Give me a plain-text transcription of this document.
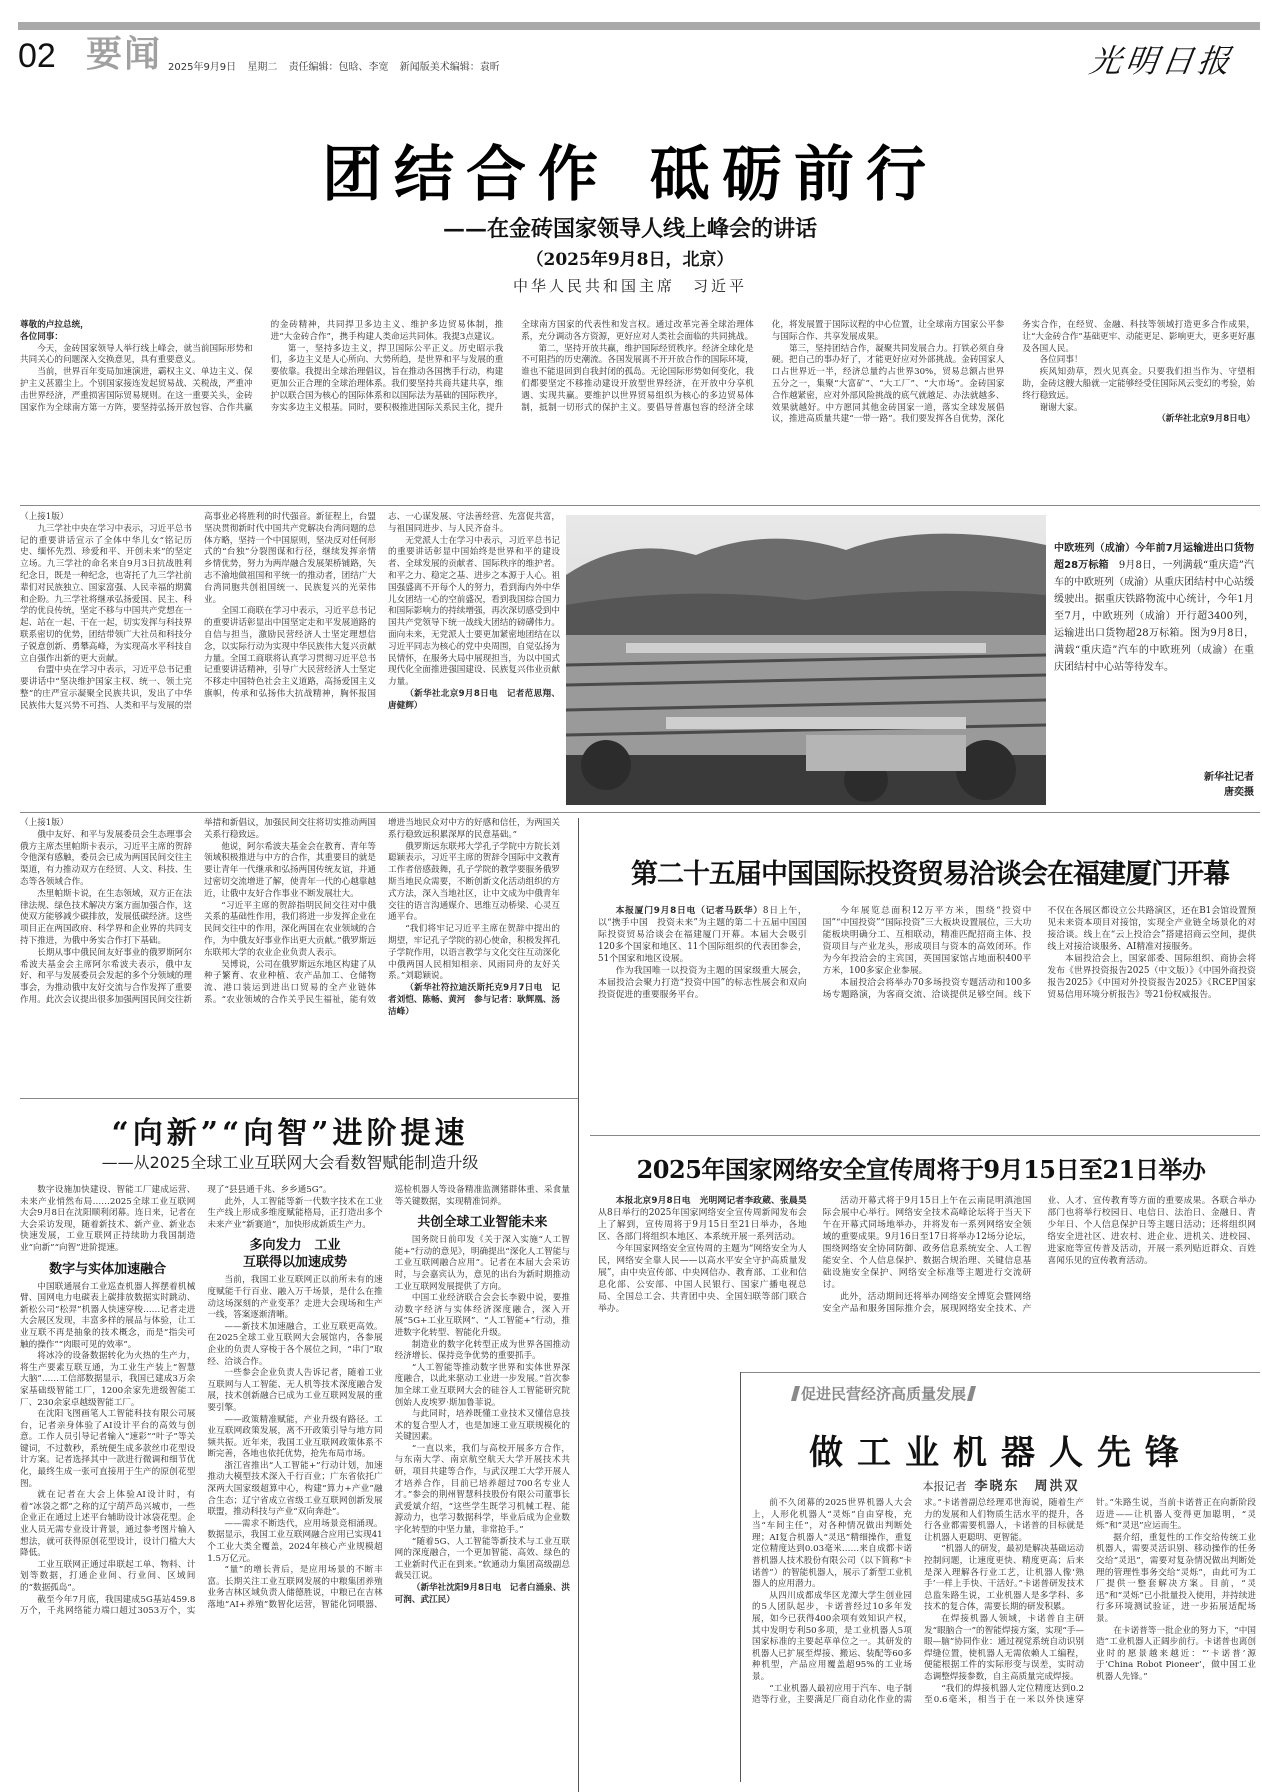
02 要闻 2025年9月9日 星期二 责任编辑：包晗、李宽 新闻版美术编辑：袁昕	光明日报
团结合作 砥砺前行
——在金砖国家领导人线上峰会的讲话
（2025年9月8日，北京）
中华人民共和国主席　习近平

尊敬的卢拉总统，

各位同事：

今天，金砖国家领导人举行线上峰会，就当前国际形势和共同关心的问题深入交换意见，具有重要意义。

当前，世界百年变局加速演进，霸权主义、单边主义、保护主义甚嚣尘上。个别国家接连发起贸易战、关税战，严重冲击世界经济，严重损害国际贸易规则。在这一重要关头，金砖国家作为全球南方第一方阵，要坚持弘扬开放包容、合作共赢的金砖精神，共同捍卫多边主义、维护多边贸易体制，推进“大金砖合作”，携手构建人类命运共同体。我提3点建议。

第一，坚持多边主义，捍卫国际公平正义。历史昭示我们，多边主义是人心所向、大势所趋，是世界和平与发展的重要依靠。我提出全球治理倡议，旨在推动各国携手行动，构建更加公正合理的全球治理体系。我们要坚持共商共建共享，维护以联合国为核心的国际体系和以国际法为基础的国际秩序，夯实多边主义根基。同时，要积极推进国际关系民主化，提升全球南方国家的代表性和发言权。通过改革完善全球治理体系，充分调动各方资源，更好应对人类社会面临的共同挑战。

第二，坚持开放共赢，维护国际经贸秩序。经济全球化是不可阻挡的历史潮流。各国发展离不开开放合作的国际环境，谁也不能退回到自我封闭的孤岛。无论国际形势如何变化，我们都要坚定不移推动建设开放型世界经济，在开放中分享机遇、实现共赢。要维护以世界贸易组织为核心的多边贸易体制，抵制一切形式的保护主义。要倡导普惠包容的经济全球化，将发展置于国际议程的中心位置，让全球南方国家公平参与国际合作、共享发展成果。

第三，坚持团结合作，凝聚共同发展合力。打铁必须自身硬。把自己的事办好了，才能更好应对外部挑战。金砖国家人口占世界近一半，经济总量约占世界30%，贸易总额占世界五分之一，集聚“大富矿”、“大工厂”、“大市场”。金砖国家合作越紧密，应对外部风险挑战的底气就越足、办法就越多、效果就越好。中方愿同其他金砖国家一道，落实全球发展倡议，推进高质量共建“一带一路”。我们要发挥各自优势，深化务实合作，在经贸、金融、科技等领域打造更多合作成果，让“大金砖合作”基础更牢、动能更足、影响更大，更多更好惠及各国人民。

各位同事！

疾风知劲草，烈火见真金。只要我们担当作为、守望相助，金砖这艘大船就一定能够经受住国际风云变幻的考验，始终行稳致远。

谢谢大家。

（新华社北京9月8日电）

（上接1版）

九三学社中央在学习中表示，习近平总书记的重要讲话宣示了全体中华儿女“铭记历史、缅怀先烈、珍爱和平、开创未来”的坚定立场。九三学社的命名来自9月3日抗战胜利纪念日，既是一种纪念，也寄托了九三学社前辈们对民族独立、国家富强、人民幸福的期冀和企盼。九三学社将继承弘扬爱国、民主、科学的优良传统，坚定不移与中国共产党想在一起、站在一起、干在一起，切实发挥与科技界联系密切的优势，团结带领广大社员和科技分子锐意创新、勇攀高峰，为实现高水平科技自立自强作出新的更大贡献。

台盟中央在学习中表示，习近平总书记重要讲话中“坚决维护国家主权、统一、领土完整”的庄严宣示凝聚全民族共识，发出了中华民族伟大复兴势不可挡、人类和平与发展的崇高事业必将胜利的时代强音。新征程上，台盟坚决贯彻新时代中国共产党解决台湾问题的总体方略，坚持一个中国原则，坚决反对任何形式的“台独”分裂图谋和行径，继续发挥亲情乡情优势，努力为两岸融合发展架桥铺路，矢志不渝地做祖国和平统一的推动者，团结广大台湾同胞共创祖国统一、民族复兴的光荣伟业。

全国工商联在学习中表示，习近平总书记的重要讲话彰显出中国坚定走和平发展道路的自信与担当，激励民营经济人士坚定理想信念，以实际行动为实现中华民族伟大复兴贡献力量。全国工商联将认真学习贯彻习近平总书记重要讲话精神，引导广大民营经济人士坚定不移走中国特色社会主义道路，高扬爱国主义旗帜，传承和弘扬伟大抗战精神，胸怀报国志、一心谋发展、守法善经营、先富促共富，与祖国同进步、与人民齐奋斗。

无党派人士在学习中表示，习近平总书记的重要讲话彰显中国始终是世界和平的建设者、全球发展的贡献者、国际秩序的维护者。和平之力、稳定之基、进步之本源于人心。祖国强盛离不开每个人的努力，看到海内外中华儿女团结一心的空前盛况，看到我国综合国力和国际影响力的持续增强，再次深切感受到中国共产党领导下统一战线大团结的磅礴伟力。面向未来，无党派人士要更加紧密地团结在以习近平同志为核心的党中央周围，自觉弘扬为民情怀，在服务大局中展现担当，为以中国式现代化全面推进强国建设、民族复兴伟业贡献力量。

（新华社北京9月8日电　记者范思翔、唐健辉）

中欧班列（成渝）今年前7月运输进出口货物超28万标箱　 9月8日，一列满载“重庆造”汽车的中欧班列（成渝）从重庆团结村中心站缓缓驶出。据重庆铁路物流中心统计，今年1月至7月，中欧班列（成渝）开行超3400列，运输进出口货物超28万标箱。图为9月8日，满载“重庆造”汽车的中欧班列（成渝）在重庆团结村中心站等待发车。
新华社记者
唐奕摄

（上接1版）

俄中友好、和平与发展委员会生态理事会俄方主席杰里帕斯卡表示，习近平主席的贺辞令他深有感触，委员会已成为两国民间交往主渠道，有力推动双方在经贸、人文、科技、生态等各领域合作。

杰里帕斯卡说，在生态领域，双方正在法律法规、绿色技术解决方案方面加强合作，这使双方能够减少碳排放，发展低碳经济。这些项目正在两国政府、科学界和企业界的共同支持下推进，为俄中务实合作打下基础。

长期从事中俄民间友好事业的俄罗斯阿尔希波夫基金会主席阿尔希波夫表示，俄中友好、和平与发展委员会发起的多个分领域的理事会，为推动俄中友好交流与合作发挥了重要作用。此次会议提出很多加强两国民间交往新举措和新倡议，加强民间交往将切实推动两国关系行稳致远。

他说，阿尔希波夫基金会在教育、青年等领域积极推进与中方的合作，其重要目的就是要让青年一代继承和弘扬两国传统友谊，并通过密切交流增进了解，使青年一代的心越靠越近，让俄中友好合作事业不断发展壮大。

“习近平主席的贺辞指明民间交往对中俄关系的基础性作用，我们将进一步发挥企业在民间交往中的作用，深化两国在农业领域的合作，为中俄友好事业作出更大贡献。”俄罗斯远东联邦大学的农业企业负责人表示。

吴博说，公司在俄罗斯远东地区构建了从种子繁育、农业种植、农产品加工、仓储物流、港口装运到进出口贸易的全产业链体系。“农业领域的合作关乎民生福祉，能有效增进当地民众对中方的好感和信任，为两国关系行稳致远积累深厚的民意基础。”

俄罗斯远东联邦大学孔子学院中方院长刘聪颖表示，习近平主席的贺辞令国际中文教育工作者倍感鼓舞，孔子学院的教学要服务俄罗斯当地民众需要，不断创新文化活动组织的方式方法，深入当地社区，让中文成为中俄青年交往的语言沟通媒介、思维互动桥梁、心灵互通平台。

“我们将牢记习近平主席在贺辞中提出的期望，牢记孔子学院的初心使命，积极发挥孔子学院作用，以语言教学与文化交往互动深化中俄两国人民相知相亲、风雨同舟的友好关系。”刘聪颖说。

（新华社符拉迪沃斯托克9月7日电　记者刘恺、陈畅、黄河　参与记者：耿辉凰、汤洁峰）

第二十五届中国国际投资贸易洽谈会在福建厦门开幕

本报厦门9月8日电（记者马跃华）8日上午，以“携手中国　投资未来”为主题的第二十五届中国国际投资贸易洽谈会在福建厦门开幕。本届大会吸引120多个国家和地区、11个国际组织的代表团参会，51个国家和地区设展。

作为我国唯一以投资为主题的国家级重大展会，本届投洽会聚力打造“投资中国”的标志性展会和双向投资促进的重要服务平台。

今年展览总面积12万平方米，围绕“投资中国”“中国投资”“国际投资”三大板块设置展位，三大功能板块明确分工、互相联动，精准匹配招商主体、投资项目与产业龙头，形成项目与资本的高效闭环。作为今年投洽会的主宾国，英国国家馆占地面积400平方米，100多家企业参展。

本届投洽会将举办70多场投资专题活动和100多场专题路演，为客商交流、洽谈提供足够空间。线下不仅在各展区都设立公共路演区，还在B1会馆设置预见未来资本项目对接馆，实现全产业链全场景化的对接洽谈。线上在“云上投洽会”搭建招商云空间，提供线上对接洽谈服务、AI精准对接服务。

本届投洽会上，国家部委、国际组织、商协会将发布《世界投资报告2025（中文版）》《中国外商投资报告2025》《中国对外投资报告2025》《RCEP国家贸易信用环境分析报告》等21份权威报告。

2025年国家网络安全宣传周将于9月15日至21日举办

本报北京9月8日电　光明网记者李政葳、张晨昊从8日举行的2025年国家网络安全宣传周新闻发布会上了解到，宣传周将于9月15日至21日举办，各地区、各部门将组织本地区、本系统开展一系列活动。

今年国家网络安全宣传周的主题为“网络安全为人民，网络安全靠人民——以高水平安全守护高质量发展”，由中央宣传部、中央网信办、教育部、工业和信息化部、公安部、中国人民银行、国家广播电视总局、全国总工会、共青团中央、全国妇联等部门联合举办。

活动开幕式将于9月15日上午在云南昆明滇池国际会展中心举行。网络安全技术高峰论坛将于当天下午在开幕式同场地举办，并将发布一系列网络安全领域的重要成果。9月16日至17日将举办12场分论坛，围绕网络安全协同防御、政务信息系统安全、人工智能安全、个人信息保护、数据合规治理、关键信息基础设施安全保护、网络安全标准等主题进行交流研讨。

此外，活动期间还将举办网络安全博览会暨网络安全产品和服务国际推介会，展现网络安全技术、产业、人才、宣传教育等方面的重要成果。各联合举办部门也将举行校园日、电信日、法治日、金融日、青少年日、个人信息保护日等主题日活动；还将组织网络安全进社区、进农村、进企业、进机关、进校园、进家庭等宣传普及活动，开展一系列贴近群众、百姓喜闻乐见的宣传教育活动。

“向新”“向智”进阶提速
——从2025全球工业互联网大会看数智赋能制造升级

数字设施加快建设、智能工厂建成运营、未来产业悄然布局……2025全球工业互联网大会9月8日在沈阳顺利闭幕。连日来，记者在大会采访发现，随着新技术、新产业、新业态快速发展，工业互联网正持续助力我国制造业“向新”“向智”进阶提速。

数字与实体加速融合

中国联通展台工业巡查机器人挥摆着机械臂、国网电力电碳表上碳排放数据实时跳动、新松公司“松羿”机器人快速穿梭……记者走进大会展区发现，丰富多样的展品与体验，让工业互联不再是抽象的技术概念，而是“指尖可触的操作”“肉眼可见的效率”。

将冰冷的设备数据转化为火热的生产力，将生产要素互联互通，为工业生产装上“智慧大脑”……工信部数据显示，我国已建成3万余家基础级智能工厂，1200余家先进级智能工厂、230余家卓越级智能工厂。

在沈阳飞图画笔人工智能科技有限公司展台，记者亲身体验了AI设计平台的高效与创意。工作人员引导记者输入“速彩”“叶子”等关键词，不过数秒，系统便生成多款丝巾花型设计方案。记者选择其中一款进行微调和细节优化，最终生成一张可直接用于生产的原创花型图。

就在记者在大会上体验AI设计时，有着“冰袋之都”之称的辽宁葫芦岛兴城市，一些企业正在通过上述平台辅助设计冰袋花型。企业人员无需专业设计背景，通过参考图片输入想法，就可获得原创花型设计，设计门槛大大降低。

工业互联网正通过串联起工单、物料、计划等数据，打通企业间、行业间、区域间的“数据孤岛”。

截至今年7月底，我国建成5G基站459.8万个，千兆网络能力端口超过3053万个，实现了“县县通千兆、乡乡通5G”。

此外，人工智能等新一代数字技术在工业生产线上形成多维度赋能格局，正打造出多个未来产业“新赛道”，加快形成新质生产力。

多向发力　工业
互联得以加速成势

当前，我国工业互联网正以前所未有的速度赋能千行百业、融入万千场景，是什么在推动这场深刻的产业变革？走进大会现场和生产一线，答案逐渐清晰。

——新技术加速融合，工业互联更高效。在2025全球工业互联网大会展馆内，各参展企业的负责人穿梭于各个展位之间，“串门”取经、洽谈合作。

一些参会企业负责人告诉记者，随着工业互联网与人工智能、无人机等技术深度融合发展，技术创新融合已成为工业互联网发展的重要引擎。

——政策精准赋能，产业升级有路径。工业互联网政策发展，离不开政策引导与地方同频共振。近年来，我国工业互联网政策体系不断完善，各地也依托优势，抢先布局市场。

浙江省推出“人工智能+”行动计划，加速推动大模型技术深入千行百业；广东省依托广深两大国家级超算中心，构建“算力+产业”融合生态；辽宁省成立省级工业互联网创新发展联盟，推动科技与产业“双向奔赴”。

——需求不断迭代，应用场景竞相涌现。数据显示，我国工业互联网融合应用已实现41个工业大类全覆盖，2024年核心产业规模超1.5万亿元。

“量”的增长背后，是应用场景的不断丰富。长期关注工业互联网发展的中粮集团养殖业务吉林区域负责人储德胜说，中粮已在吉林落地“AI+养殖”数智化运营，智能化饲喂器、巡检机器人等设备精准监测猪群体重、采食量等关键数据，实现精准饲养。

共创全球工业智能未来

国务院日前印发《关于深入实施“人工智能+”行动的意见》，明确提出“深化人工智能与工业互联网融合应用”。记者在本届大会采访时，与会嘉宾认为，意见的出台为新时期推动工业互联网发展提供了方向。

中国工业经济联合会会长李毅中说，要推动数字经济与实体经济深度融合，深入开展“5G+工业互联网”、“人工智能+”行动，推进数字化转型、智能化升级。

制造业的数字化转型正成为世界各国推动经济增长、保持竞争优势的重要抓手。

“人工智能等推动数字世界和实体世界深度融合，以此来驱动工业进一步发展。”首次参加全球工业互联网大会的硅谷人工智能研究院创始人皮埃罗·斯加鲁菲说。

与此同时，培养既懂工业技术又懂信息技术的复合型人才，也是加速工业互联规模化的关键因素。

“一直以来，我们与高校开展多方合作，与东南大学、南京航空航天大学开展技术共研，项目共建等合作，与武汉理工大学开展人才培养合作，目前已培养超过700名专业人才。”参会的荆州智慧科技股份有限公司董事长武爱斌介绍，“这些学生既学习机械工程、能源动力，也学习数据科学，毕业后成为企业数字化转型的中坚力量，非常抢手。”

“随着5G、人工智能等新技术与工业互联网的深度融合，一个更加智能、高效、绿色的工业新时代正在到来。”软通动力集团高级副总裁吴江说。

（新华社沈阳9月8日电　记者白涌泉、洪可润、武江民）

促进民营经济高质量发展
做工业机器人先锋
本报记者 李晓东　周洪双

前不久闭幕的2025世界机器人大会上，人形化机器人“灵烁”自由穿梭，充当“车间主任”，对各种情况做出判断处理；AI复合机器人“灵迅”精细操作，重复定位精度达到0.03毫米……来自成都卡诺普机器人技术股份有限公司（以下简称“卡诺普”）的智能机器人，展示了新型工业机器人的应用潜力。

从四川成都成华区龙潭大学生创业园的5人团队起步，卡诺普经过10多年发展，如今已获得400余项有效知识产权，其中发明专利50多项，是工业机器人5项国家标准的主要起草单位之一。其研发的机器人已扩展至焊接、搬运、装配等60多种机型，产品应用覆盖超95%的工业场景。

“工业机器人最初应用于汽车、电子制造等行业，主要满足厂商自动化作业的需求。”卡诺普副总经理邓世海说，随着生产力的发展和人们物质生活水平的提升，各行各业都需要机器人，卡诺普的目标就是让机器人更聪明、更智能。

“机器人的研发，最初是解决基础运动控制问题，让速度更快、精度更高；后来是深入理解各行业工艺，让机器人像‘熟手’一样上手快、干活好。”卡诺普研发技术总监朱路生说，工业机器人是多学科、多技术的复合体，需要长期的研发积累。

在焊接机器人领域，卡诺普自主研发“眼脑合一”的智能焊接方案，实现“手—眼—脑”协同作业：通过视觉系统自动识别焊缝位置，使机器人无需依赖人工编程，便能根据工件的实际形变与误差，实时动态调整焊接参数，自主高质量完成焊接。

“我们的焊接机器人定位精度达到0.2至0.6毫米，相当于在一米以外快速穿针。”朱路生说，当前卡诺普正在向新阶段迈进——让机器人变得更加聪明，“灵烁”和“灵迅”应运而生。

据介绍，重复性的工作交给传统工业机器人，需要灵活识别、移动操作的任务交给“灵迅”，需要对复杂情况做出判断处理的管理性事务交给“灵烁”，由此可为工厂提供一整套解决方案。目前，“灵迅”和“灵烁”已小批量投入使用，并持续进行多环境测试验证，进一步拓展适配场景。

在卡诺普等一批企业的努力下，“中国造”工业机器人正阔步前行。卡诺普也离创业时的愿景越来越近：“‘卡诺普’源于‘China Robot Pioneer’，做中国工业机器人先锋。”
